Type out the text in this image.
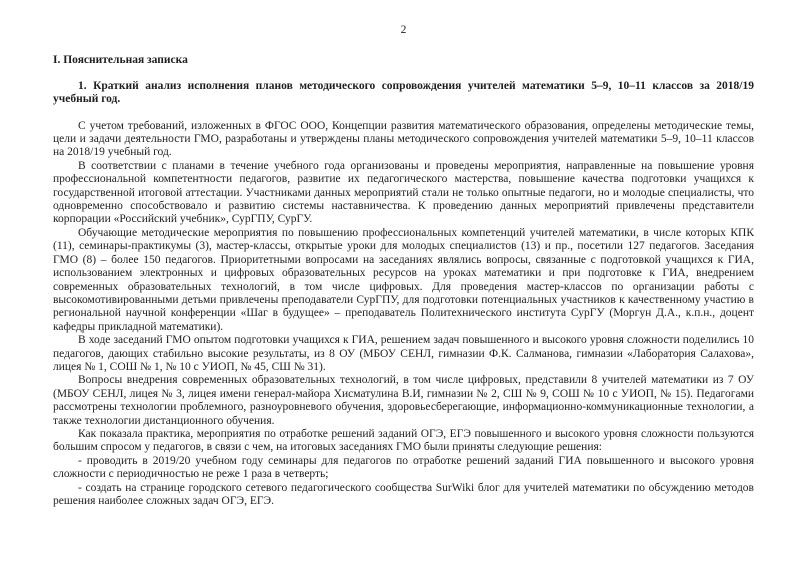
2
I. Пояснительная записка

1. Краткий анализ исполнения планов методического сопровождения учителей математики 5–9, 10–11 классов за 2018/19 учебный год.

С учетом требований, изложенных в ФГОС ООО, Концепции развития математического образования, определены методические темы, цели и задачи деятельности ГМО, разработаны и утверждены планы методического сопровождения учителей математики 5–9, 10–11 классов на 2018/19 учебный год.

В соответствии с планами в течение учебного года организованы и проведены мероприятия, направленные на повышение уровня профессиональной компетентности педагогов, развитие их педагогического мастерства, повышение качества подготовки учащихся к государственной итоговой аттестации. Участниками данных мероприятий стали не только опытные педагоги, но и молодые специалисты, что одновременно способствовало и развитию системы наставничества. К проведению данных мероприятий привлечены представители корпорации «Российский учебник», СурГПУ, СурГУ.

Обучающие методические мероприятия по повышению профессиональных компетенций учителей математики, в числе которых КПК (11), семинары-практикумы (3), мастер-классы, открытые уроки для молодых специалистов (13) и пр., посетили 127 педагогов. Заседания ГМО (8) – более 150 педагогов. Приоритетными вопросами на заседаниях являлись вопросы, связанные с подготовкой учащихся к ГИА, использованием электронных и цифровых образовательных ресурсов на уроках математики и при подготовке к ГИА, внедрением современных образовательных технологий, в том числе цифровых. Для проведения мастер-классов по организации работы с высокомотивированными детьми привлечены преподаватели СурГПУ, для подготовки потенциальных участников к качественному участию в региональной научной конференции «Шаг в будущее» – преподаватель Политехнического института СурГУ (Моргун Д.А., к.п.н., доцент кафедры прикладной математики).

В ходе заседаний ГМО опытом подготовки учащихся к ГИА, решением задач повышенного и высокого уровня сложности поделились 10 педагогов, дающих стабильно высокие результаты, из 8 ОУ (МБОУ СЕНЛ, гимназии Ф.К. Салманова, гимназии «Лаборатория Салахова», лицея № 1, СОШ № 1, № 10 с УИОП, № 45, СШ № 31).

Вопросы внедрения современных образовательных технологий, в том числе цифровых, представили 8 учителей математики из 7 ОУ (МБОУ СЕНЛ, лицея № 3, лицея имени генерал-майора Хисматулина В.И, гимназии № 2, СШ № 9, СОШ № 10 с УИОП, № 15). Педагогами рассмотрены технологии проблемного, разноуровневого обучения, здоровьесберегающие, информационно-коммуникационные технологии, а также технологии дистанционного обучения.

Как показала практика, мероприятия по отработке решений заданий ОГЭ, ЕГЭ повышенного и высокого уровня сложности пользуются большим спросом у педагогов, в связи с чем, на итоговых заседаниях ГМО были приняты следующие решения:

- проводить в 2019/20 учебном году семинары для педагогов по отработке решений заданий ГИА повышенного и высокого уровня сложности с периодичностью не реже 1 раза в четверть;

- создать на странице городского сетевого педагогического сообщества SurWiki блог для учителей математики по обсуждению методов решения наиболее сложных задач ОГЭ, ЕГЭ.
